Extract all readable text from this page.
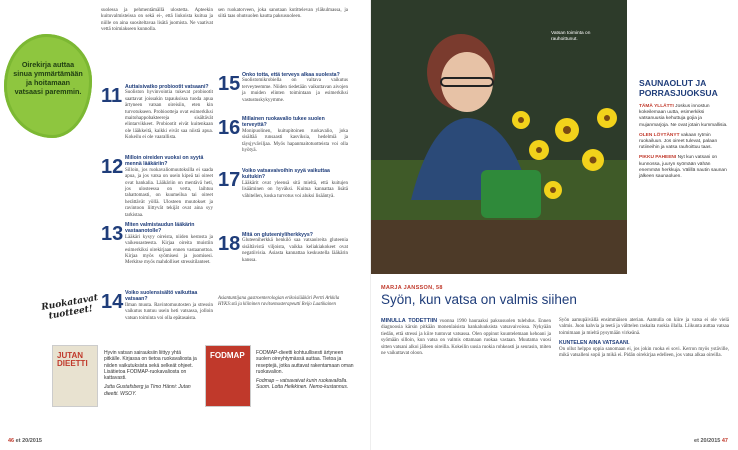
Oirekirja auttaa sinua ymmärtämään ja hoitamaan vatsaasi paremmin.
suolessa ja pehmentämällä ulostetta. Apteekin kuituvalmisteissa on sekä ei-, että liukoista kuitua ja niille on aina suositeltavaa lisätä juomista. Ne vaativat vettä toimiakseen kunnolla.
sen ruokatorveen, joka sanotaan kutittelevan yläkulmassa, ja siitä taas ohutsuolen kautta paksusuoleen.
11 Auttaisivatko probiootit vatsaani?
Suoliston hyvinvointia tukevat probiootit saattavat joissakin tapauksissa tuoda apua ärtyneen vatsan oireisiin, eten kin turvotukseen. Probiootteja ovat esimerkiksi maitohappobakteereja sisältävät elintarvikkeet. Probiootit eivät kuitenkaan ole lääkkeitä, kaikki eivät saa niistä apua. Kokeilu ei ole vaarallista.
12 Milloin oireiden vuoksi on syytä mennä lääkäriin?
Silloin, jos ruokavaliomuutoksilla ei saada apua, ja jos vatsa on usein kipeä tai oireet ovat hankalia. Lääkäriin on mentävä heti, jos ulosteessa on verta, laihtuu tahattomasti, on kuumeilua tai oireet herättävät yöllä. Ulosteen muutokset ja ravintoon liittyvät tekijät ovat aina syy tarkistaa.
13 Miten valmistaudun lääkärin vastaanotolle?
Lääkäri kysyy oireista, niiden kestosta ja vaikeusasteesta. Kirjaa oireita muistiin esimerkiksi oirekirjaan ennen vastaanottoa. Kirjaa myös syömisesi ja juomisesi. Merkitse myös mahdolliset stressitilanteet.
14 Voiko suolensisältö vaikuttaa vatsaan?
Ilman muuta. Ravintomuutosten ja stressin vaikutus tuntuu usein heti vatsassa, jolloin vatsan toiminta voi olla epätasaista.
15 Onko totta, että terveys alkaa suolesta?
Suolistomikrobiella on valtava vaikutus terveyteemme. Niiden tiedetään vaikuttavan aivojen ja muiden elinten toimintaan ja esimerkiksi vastustuskykyymme.
16 Millainen ruokavalio tukee suolen terveyttä?
Monipuolinen, kuitupitoinen ruokavalio, joka sisältää runsaasti kasviksia, hedelmiä ja täysjyväviljaa. Myös hapanmaitotuotteista voi olla hyötyä.
17 Voiko vatsavaivoihin syyä vaikuttaa kuitukin?
Lääkärit ovat yleensä sitä mieltä, että kuitujen lisääminen on hyväksi. Kuitua kannattaa lisätä vähitellen, koska turvotus voi aluksi lisääntyä.
18 Mitä on gluteeniyliherkkyys?
Gluteeniherkkä henkilö saa vatsaoireita gluteenia sisältävistä viljoista, vaikka keliakiakokeet ovat negatiivisia. Asiasta kannattaa keskustella lääkärin kanssa.
Asiantuntijana gastroenterologian erikoislääkäri Pertti Arkkila HYKS:stä ja kliininen ravitsemusterapeutti Reijo Laatikainen
Ruokatavat tuotteet!
JUTAN DIEETTI
Hyvin vatsan sairauksiin liittyy yhtä pitkälle. Kirjassa on tietoa ruokavaliosta ja niiden vaikutuksista sekä selkeät ohjeet. Lisätietoa FODMAP-ruokavaliosta on kattavasti.
Jutta Gustafsberg ja Timo Hänni: Jutan dieetti. WSOY.
FODMAP	FODMAP-dieetti kohtuullisesti ärtyneen suolen oireyhtymässä auttaa. Tietoa ja reseptejä, jotka auttavat rakentamaan oman ruokavalion.
Fodmap – vatsavaivat kurin ruokavaliolla. Suom. Lotta Heikkinen. Nemo-kustannus.
46 et 20/2015
Vatsan toiminta on rauhoittunut.
SAUNAOLUT JA PORRASJUOKSUA
TÄMÄ YLLÄTTI Joskus innostun kokeilemaan uutta, esimerkiksi vatsanuusia kehuttuja gojia ja mujanmarjoja. Ne ovat jotain kummallisia.
OLEN LÖYTÄNYT vakaan rytmin ruokailuun. Jos oireet tulevat, palaan rutiineihin ja vatsa rauhoittuu taas.
PIKKU PAHEENI Nyt kun vatsani on kunnossa, juuryn syömään vähän enemmän herkkuja. Välillä nautin saunan jälkeen saunaoluen.
MARJA JANSSON, 58
Syön, kun vatsa on valmis siihen
MINULLA TODETTIIN vuonna 1990 hauraaksi paksusuolen tulehdus. Ennen diagnoosia kärsin pitkään monenlaisista hankaluuksista vatsavaivoissa. Nykyään tiedän, että stressi ja kiire tuntuvat vatsassa. Olen oppinut kuuntelemaan kehoani ja syömään silloin, kun vatsa on valmis ottamaan ruokaa vastaan. Muutama vuosi sitten vatsani alkoi jälleen oireilla. Kokeilin uusia ruokia rohkeasti ja seurasin, miten ne vaikuttavat oloon.
Syön aamupäivällä ensimmäisen aterian. Aamulla on kiire ja vatsa ei ole vielä valmis. Juon kahvia ja teetä ja välttelen raskaita ruokia illalla. Liikunta auttaa vatsaa toimimaan ja mieltä pysymään virkeänä.
KUNTELEN AINA VATSAANI.
On ollut helppo oppia sanomaan ei, jos jokin ruoka ei sovi. Kerron myös ystäville, mikä vatsalleni sopii ja mikä ei. Pidän oirekirjaa edelleen, jos vatsa alkaa oireilla.
et 20/2015 47
